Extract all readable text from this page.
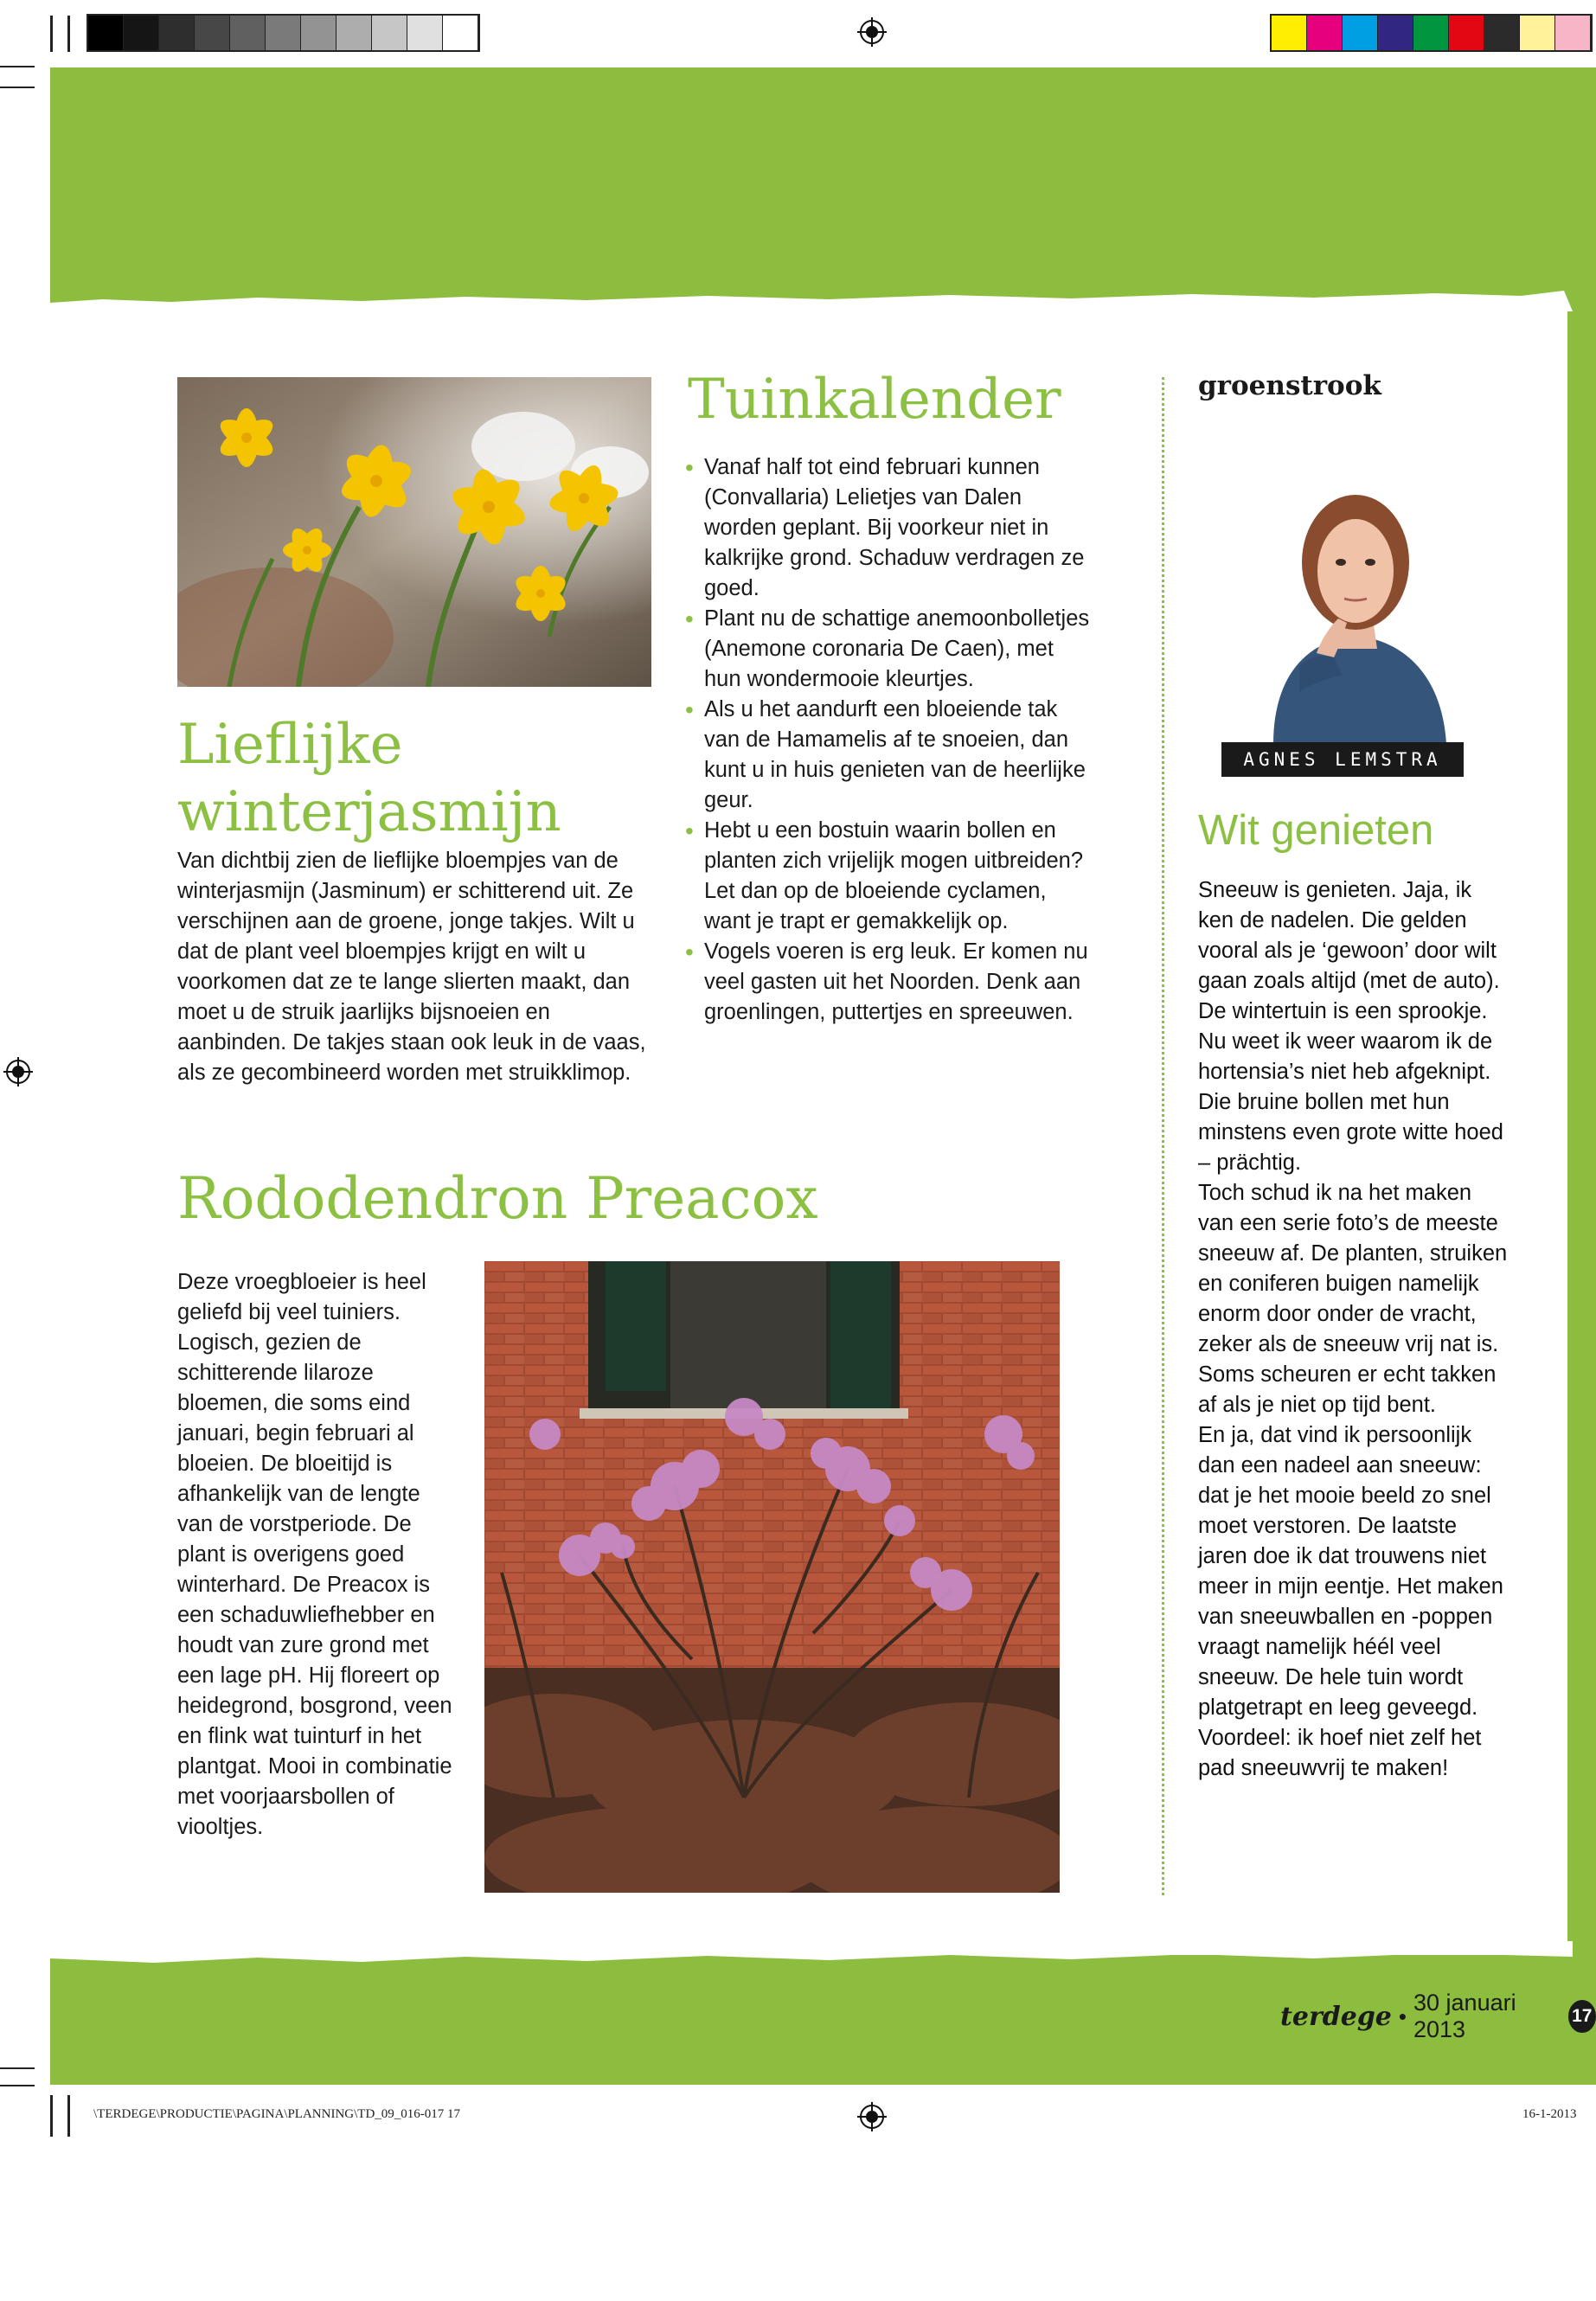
Lieflijke winterjasmijn

Van dichtbij zien de lieflijke bloempjes van de winterjasmijn (Jasminum) er schitterend uit. Ze verschijnen aan de groene, jonge takjes. Wilt u dat de plant veel bloempjes krijgt en wilt u voorkomen dat ze te lange slierten maakt, dan moet u de struik jaarlijks bijsnoeien en aanbinden. De takjes staan ook leuk in de vaas, als ze gecombineerd worden met struikklimop.

Tuinkalender
• Vanaf half tot eind februari kunnen (Convallaria) Lelietjes van Dalen worden geplant. Bij voorkeur niet in kalkrijke grond. Schaduw verdragen ze goed.
• Plant nu de schattige anemoonbolletjes (Anemone coronaria De Caen), met hun wondermooie kleurtjes.
• Als u het aandurft een bloeiende tak van de Hamamelis af te snoeien, dan kunt u in huis genieten van de heerlijke geur.
• Hebt u een bostuin waarin bollen en planten zich vrijelijk mogen uitbreiden? Let dan op de bloeiende cyclamen, want je trapt er gemakkelijk op.
• Vogels voeren is erg leuk. Er komen nu veel gasten uit het Noorden. Denk aan groenlingen, puttertjes en spreeuwen.
Rododendron Preacox

Deze vroegbloeier is heel geliefd bij veel tuiniers. Logisch, gezien de schitterende lilaroze bloemen, die soms eind januari, begin februari al bloeien. De bloeitijd is afhankelijk van de lengte van de vorstperiode. De plant is overigens goed winterhard. De Preacox is een schaduwliefhebber en houdt van zure grond met een lage pH. Hij floreert op heidegrond, bosgrond, veen en flink wat tuinturf in het plantgat. Mooi in combinatie met voorjaarsbollen of viooltjes.

groenstrook
AGNES LEMSTRA
Wit genieten

Sneeuw is genieten. Jaja, ik ken de nadelen. Die gelden vooral als je ‘gewoon’ door wilt gaan zoals altijd (met de auto). De wintertuin is een sprookje. Nu weet ik weer waarom ik de hortensia’s niet heb afgeknipt. Die bruine bollen met hun minstens even grote witte hoed – prächtig.

Toch schud ik na het maken van een serie foto’s de meeste sneeuw af. De planten, struiken en coniferen buigen namelijk enorm door onder de vracht, zeker als de sneeuw vrij nat is. Soms scheuren er echt takken af als je niet op tijd bent.

En ja, dat vind ik persoonlijk dan een nadeel aan sneeuw: dat je het mooie beeld zo snel moet verstoren. De laatste jaren doe ik dat trouwens niet meer in mijn eentje. Het maken van sneeuwballen en -poppen vraagt namelijk héél veel sneeuw. De hele tuin wordt platgetrapt en leeg geveegd. Voordeel: ik hoef niet zelf het pad sneeuwvrij te maken!

terdege •
30 januari 2013
17
\TERDEGE\PRODUCTIE\PAGINA\PLANNING\TD_09_016-017 17	16-1-2013
